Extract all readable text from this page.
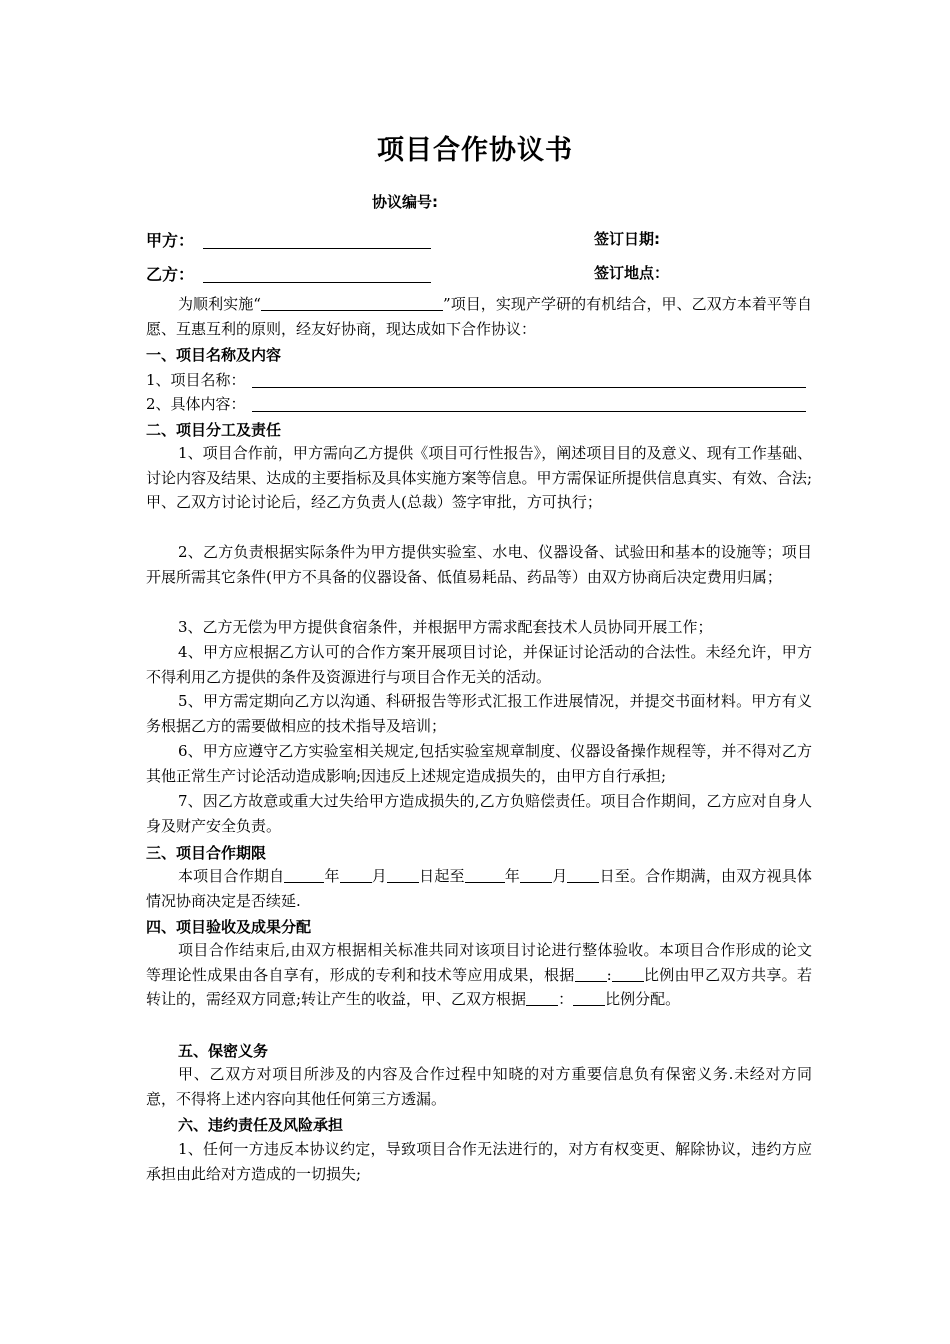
项目合作协议书
协议编号:
甲方：	签订日期:
乙方：	签订地点：
为顺利实施“	”项目，实现产学研的有机结合，甲、乙双方本着平等自愿、互惠互利的原则，经友好协商，现达成如下合作协议：
一、项目名称及内容
1、项目名称：
2、具体内容：
二、项目分工及责任
1、项目合作前，甲方需向乙方提供《项目可行性报告》，阐述项目目的及意义、现有工作基础、讨论内容及结果、达成的主要指标及具体实施方案等信息。甲方需保证所提供信息真实、有效、合法;甲、乙双方讨论讨论后，经乙方负责人(总裁）签字审批，方可执行；
2、乙方负责根据实际条件为甲方提供实验室、水电、仪器设备、试验田和基本的设施等；项目开展所需其它条件(甲方不具备的仪器设备、低值易耗品、药品等）由双方协商后决定费用归属；
3、乙方无偿为甲方提供食宿条件，并根据甲方需求配套技术人员协同开展工作；
4、甲方应根据乙方认可的合作方案开展项目讨论，并保证讨论活动的合法性。未经允许，甲方不得利用乙方提供的条件及资源进行与项目合作无关的活动。
5、甲方需定期向乙方以沟通、科研报告等形式汇报工作进展情况，并提交书面材料。甲方有义务根据乙方的需要做相应的技术指导及培训；
6、甲方应遵守乙方实验室相关规定,包括实验室规章制度、仪器设备操作规程等，并不得对乙方其他正常生产讨论活动造成影响;因违反上述规定造成损失的，由甲方自行承担;
7、因乙方故意或重大过失给甲方造成损失的,乙方负赔偿责任。项目合作期间，乙方应对自身人身及财产安全负责。
三、项目合作期限
本项目合作期自	年 月 日起至	年 月 日至。合作期满，由双方视具体情况协商决定是否续延.
四、项目验收及成果分配
项目合作结束后,由双方根据相关标准共同对该项目讨论进行整体验收。本项目合作形成的论文等理论性成果由各自享有，形成的专利和技术等应用成果，根据 : 比例由甲乙双方共享。若转让的，需经双方同意;转让产生的收益，甲、乙双方根据 ： 比例分配。
五、保密义务
甲、乙双方对项目所涉及的内容及合作过程中知晓的对方重要信息负有保密义务.未经对方同意，不得将上述内容向其他任何第三方透漏。
六、违约责任及风险承担
1、任何一方违反本协议约定，导致项目合作无法进行的，对方有权变更、解除协议，违约方应承担由此给对方造成的一切损失;
